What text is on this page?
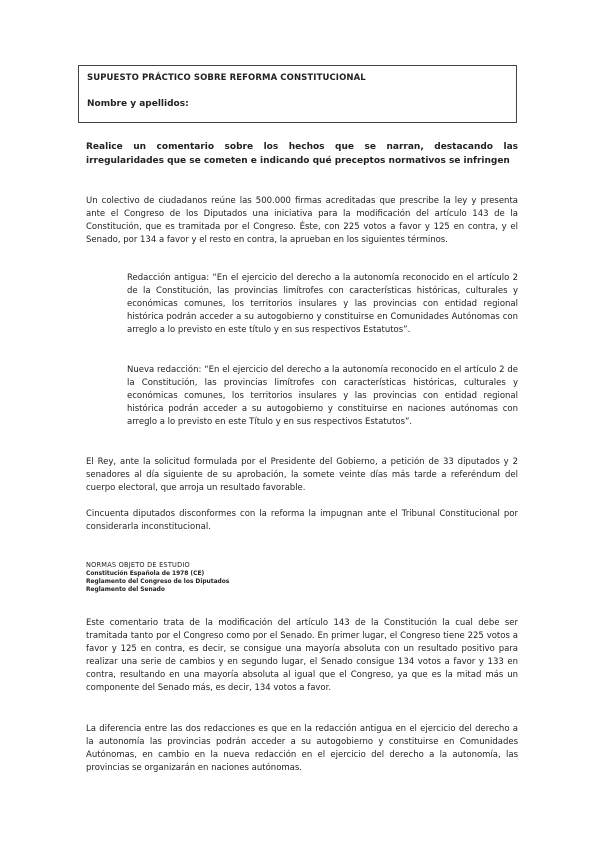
SUPUESTO PRÁCTICO SOBRE REFORMA CONSTITUCIONAL
Nombre y apellidos:
Realice un comentario sobre los hechos que se narran, destacando las irregularidades que se cometen e indicando qué preceptos normativos se infringen

Un colectivo de ciudadanos reúne las 500.000 firmas acreditadas que prescribe la ley y presenta ante el Congreso de los Diputados una iniciativa para la modificación del artículo 143 de la Constitución, que es tramitada por el Congreso. Éste, con 225 votos a favor y 125 en contra, y el Senado, por 134 a favor y el resto en contra, la aprueban en los siguientes términos.

Redacción antigua: “En el ejercicio del derecho a la autonomía reconocido en el artículo 2 de la Constitución, las provincias limítrofes con características históricas, culturales y económicas comunes, los territorios insulares y las provincias con entidad regional histórica podrán acceder a su autogobierno y constituirse en Comunidades Autónomas con arreglo a lo previsto en este título y en sus respectivos Estatutos”.

Nueva redacción: “En el ejercicio del derecho a la autonomía reconocido en el artículo 2 de la Constitución, las provincias limítrofes con características históricas, culturales y económicas comunes, los territorios insulares y las provincias con entidad regional histórica podrán acceder a su autogobierno y constituirse en naciones autónomas con arreglo a lo previsto en este Título y en sus respectivos Estatutos”.

El Rey, ante la solicitud formulada por el Presidente del Gobierno, a petición de 33 diputados y 2 senadores al día siguiente de su aprobación, la somete veinte días más tarde a referéndum del cuerpo electoral, que arroja un resultado favorable.

Cincuenta diputados disconformes con la reforma la impugnan ante el Tribunal Constitucional por considerarla inconstitucional.

NORMAS OBJETO DE ESTUDIO
Constitución Española de 1978 (CE)
Reglamento del Congreso de los Diputados
Reglamento del Senado

Este comentario trata de la modificación del artículo 143 de la Constitución la cual debe ser tramitada tanto por el Congreso como por el Senado. En primer lugar, el Congreso tiene 225 votos a favor y 125 en contra, es decir, se consigue una mayoría absoluta con un resultado positivo para realizar una serie de cambios y en segundo lugar, el Senado consigue 134 votos a favor y 133 en contra, resultando en una mayoría absoluta al igual que el Congreso, ya que es la mitad más un componente del Senado más, es decir, 134 votos a favor.

La diferencia entre las dos redacciones es que en la redacción antigua en el ejercicio del derecho a la autonomía las provincias podrán acceder a su autogobierno y constituirse en Comunidades Autónomas, en cambio en la nueva redacción en el ejercicio del derecho a la autonomía, las provincias se organizarán en naciones autónomas.
